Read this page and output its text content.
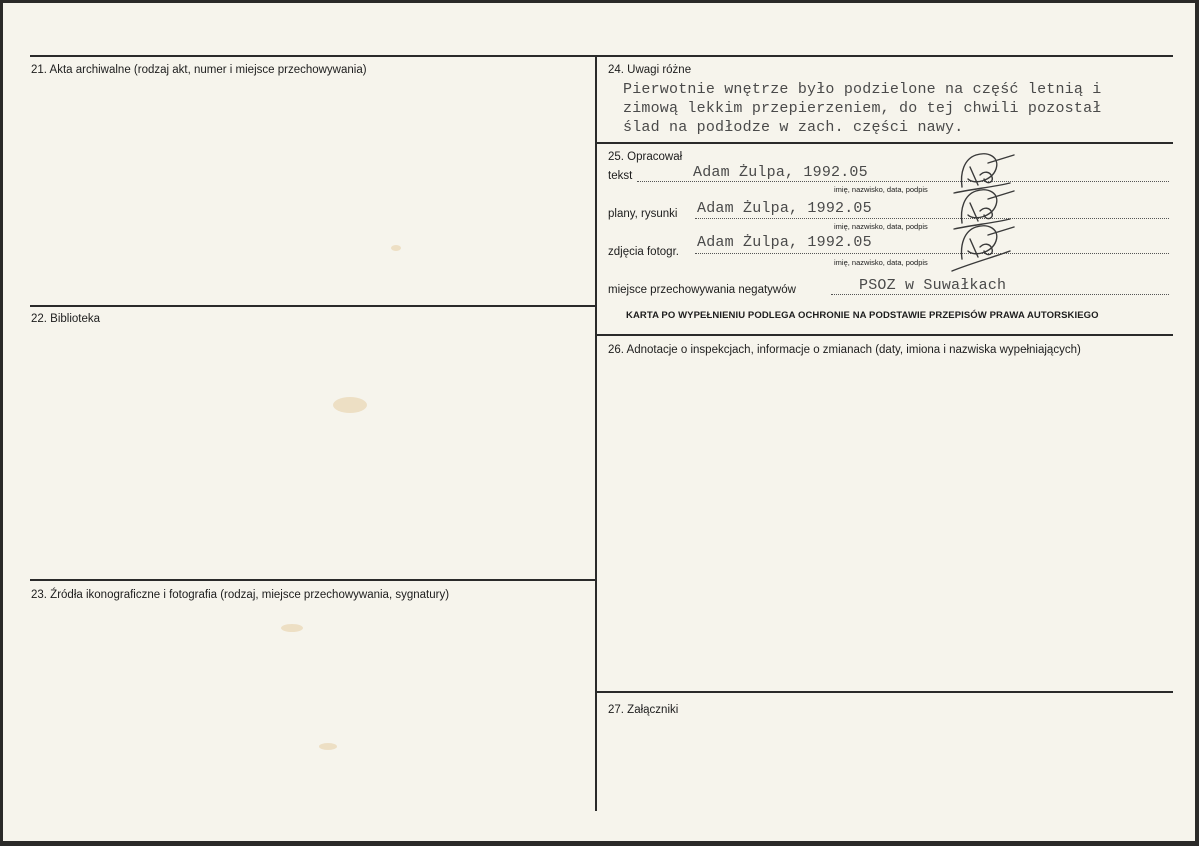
21. Akta archiwalne (rodzaj akt, numer i miejsce przechowywania)
22. Biblioteka
23. Źródła ikonograficzne i fotografia (rodzaj, miejsce przechowywania, sygnatury)
24. Uwagi różne
Pierwotnie wnętrze było podzielone na część letnią i
zimową lekkim przepierzeniem, do tej chwili pozostał
ślad na podłodze w zach. części nawy.
25. Opracował
tekst	Adam Żulpa, 1992.05
imię, nazwisko, data, podpis
plany, rysunki Adam Żulpa, 1992.05
imię, nazwisko, data, podpis
zdjęcia fotogr.
Adam Żulpa, 1992.05
imię, nazwisko, data, podpis
miejsce przechowywania negatywów	PSOZ w Suwałkach
KARTA PO WYPEŁNIENIU PODLEGA OCHRONIE NA PODSTAWIE PRZEPISÓW PRAWA AUTORSKIEGO
26. Adnotacje o inspekcjach, informacje o zmianach (daty, imiona i nazwiska wypełniających)
27. Załączniki
